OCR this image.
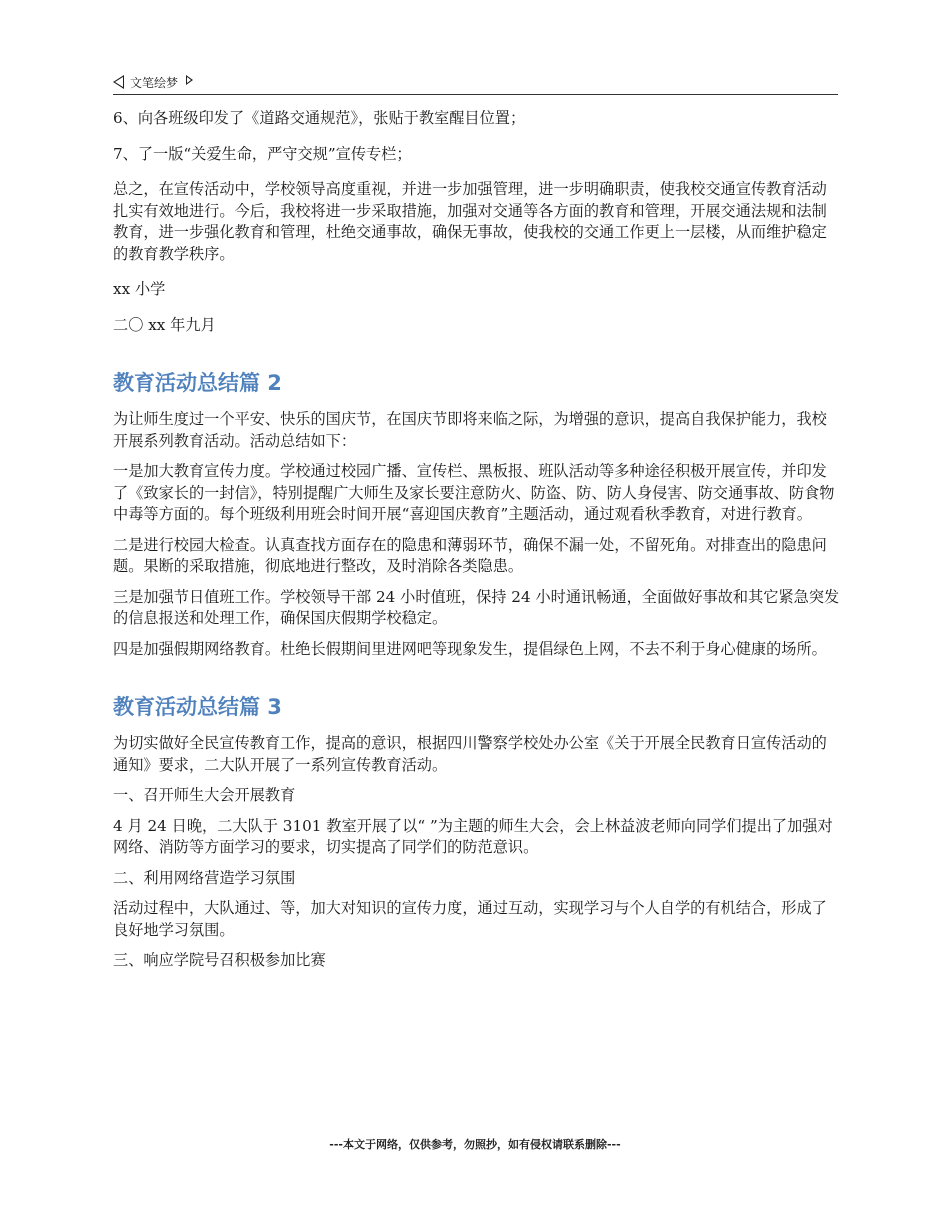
文笔绘梦

6、向各班级印发了《道路交通规范》，张贴于教室醒目位置；

7、了一版“关爱生命，严守交规”宣传专栏；

总之，在宣传活动中，学校领导高度重视，并进一步加强管理，进一步明确职责，使我校交通宣传教育活动扎实有效地进行。今后，我校将进一步采取措施，加强对交通等各方面的教育和管理，开展交通法规和法制教育，进一步强化教育和管理，杜绝交通事故，确保无事故，使我校的交通工作更上一层楼，从而维护稳定的教育教学秩序。

xx 小学

二〇 xx 年九月

教育活动总结篇 2

为让师生度过一个平安、快乐的国庆节，在国庆节即将来临之际，为增强的意识，提高自我保护能力，我校开展系列教育活动。活动总结如下：

一是加大教育宣传力度。学校通过校园广播、宣传栏、黑板报、班队活动等多种途径积极开展宣传，并印发了《致家长的一封信》，特别提醒广大师生及家长要注意防火、防盗、防、防人身侵害、防交通事故、防食物中毒等方面的。每个班级利用班会时间开展“喜迎国庆教育”主题活动，通过观看秋季教育，对进行教育。

二是进行校园大检查。认真查找方面存在的隐患和薄弱环节，确保不漏一处，不留死角。对排查出的隐患问题。果断的采取措施，彻底地进行整改，及时消除各类隐患。

三是加强节日值班工作。学校领导干部 24 小时值班，保持 24 小时通讯畅通，全面做好事故和其它紧急突发的信息报送和处理工作，确保国庆假期学校稳定。

四是加强假期网络教育。杜绝长假期间里进网吧等现象发生，提倡绿色上网，不去不利于身心健康的场所。

教育活动总结篇 3

为切实做好全民宣传教育工作，提高的意识，根据四川警察学校处办公室《关于开展全民教育日宣传活动的通知》要求，二大队开展了一系列宣传教育活动。

一、召开师生大会开展教育

4 月 24 日晚，二大队于 3101 教室开展了以“ ”为主题的师生大会，会上林益波老师向同学们提出了加强对网络、消防等方面学习的要求，切实提高了同学们的防范意识。

二、利用网络营造学习氛围

活动过程中，大队通过、等，加大对知识的宣传力度，通过互动，实现学习与个人自学的有机结合，形成了良好地学习氛围。

三、响应学院号召积极参加比赛

---本文于网络，仅供参考，勿照抄，如有侵权请联系删除---
